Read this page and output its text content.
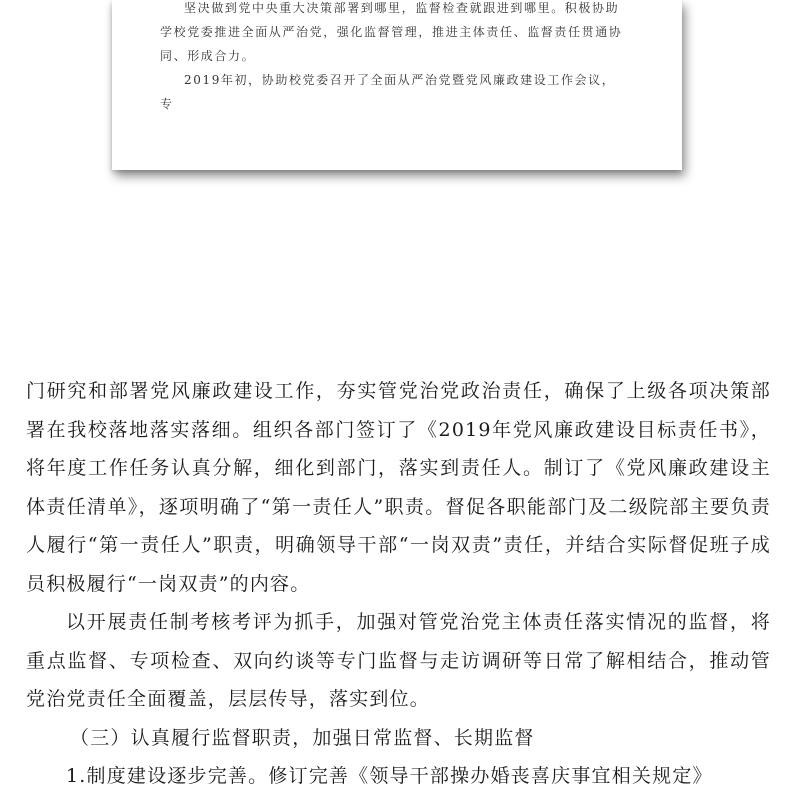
坚决做到党中央重大决策部署到哪里，监督检查就跟进到哪里。积极协助学校党委推进全面从严治党，强化监督管理，推进主体责任、监督责任贯通协同、形成合力。

2019年初，协助校党委召开了全面从严治党暨党风廉政建设工作会议，专

门研究和部署党风廉政建设工作，夯实管党治党政治责任，确保了上级各项决策部署在我校落地落实落细。组织各部门签订了《2019年党风廉政建设目标责任书》，将年度工作任务认真分解，细化到部门，落实到责任人。制订了《党风廉政建设主体责任清单》，逐项明确了“第一责任人”职责。督促各职能部门及二级院部主要负责人履行“第一责任人”职责，明确领导干部“一岗双责”责任，并结合实际督促班子成员积极履行“一岗双责”的内容。

以开展责任制考核考评为抓手，加强对管党治党主体责任落实情况的监督，将重点监督、专项检查、双向约谈等专门监督与走访调研等日常了解相结合，推动管党治党责任全面覆盖，层层传导，落实到位。

（三）认真履行监督职责，加强日常监督、长期监督

1.制度建设逐步完善。修订完善《领导干部操办婚丧喜庆事宜相关规定》
